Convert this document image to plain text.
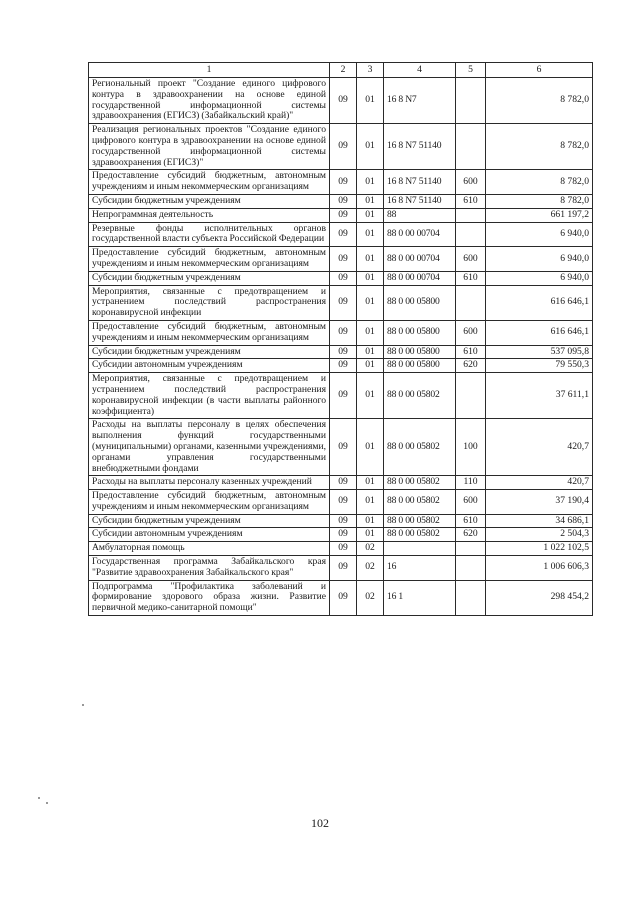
1	2	3	4	5	6
Региональный проект "Создание единого цифрового контура в здравоохранении на основе единой государственной информационной системы здравоохранения (ЕГИСЗ) (Забайкальский край)"	09	01	16 8 N7		8 782,0
Реализация региональных проектов "Создание единого цифрового контура в здравоохранении на основе единой государственной информационной системы здравоохранения (ЕГИСЗ)"	09	01	16 8 N7 51140		8 782,0
Предоставление субсидий бюджетным, автономным учреждениям и иным некоммерческим организациям	09	01	16 8 N7 51140	600	8 782,0
Субсидии бюджетным учреждениям	09	01	16 8 N7 51140	610	8 782,0
Непрограммная деятельность	09	01	88		661 197,2
Резервные фонды исполнительных органов государственной власти субъекта Российской Федерации	09	01	88 0 00 00704		6 940,0
Предоставление субсидий бюджетным, автономным учреждениям и иным некоммерческим организациям	09	01	88 0 00 00704	600	6 940,0
Субсидии бюджетным учреждениям	09	01	88 0 00 00704	610	6 940,0
Мероприятия, связанные с предотвращением и устранением последствий распространения коронавирусной инфекции	09	01	88 0 00 05800		616 646,1
Предоставление субсидий бюджетным, автономным учреждениям и иным некоммерческим организациям	09	01	88 0 00 05800	600	616 646,1
Субсидии бюджетным учреждениям	09	01	88 0 00 05800	610	537 095,8
Субсидии автономным учреждениям	09	01	88 0 00 05800	620	79 550,3
Мероприятия, связанные с предотвращением и устранением последствий распространения коронавирусной инфекции (в части выплаты районного коэффициента)	09	01	88 0 00 05802		37 611,1
Расходы на выплаты персоналу в целях обеспечения выполнения функций государственными (муниципальными) органами, казенными учреждениями, органами управления государственными внебюджетными фондами	09	01	88 0 00 05802	100	420,7
Расходы на выплаты персоналу казенных учреждений	09	01	88 0 00 05802	110	420,7
Предоставление субсидий бюджетным, автономным учреждениям и иным некоммерческим организациям	09	01	88 0 00 05802	600	37 190,4
Субсидии бюджетным учреждениям	09	01	88 0 00 05802	610	34 686,1
Субсидии автономным учреждениям	09	01	88 0 00 05802	620	2 504,3
Амбулаторная помощь	09	02			1 022 102,5
Государственная программа Забайкальского края "Развитие здравоохранения Забайкальского края"	09	02	16		1 006 606,3
Подпрограмма "Профилактика заболеваний и формирование здорового образа жизни. Развитие первичной медико-санитарной помощи"	09	02	16 1		298 454,2
102
